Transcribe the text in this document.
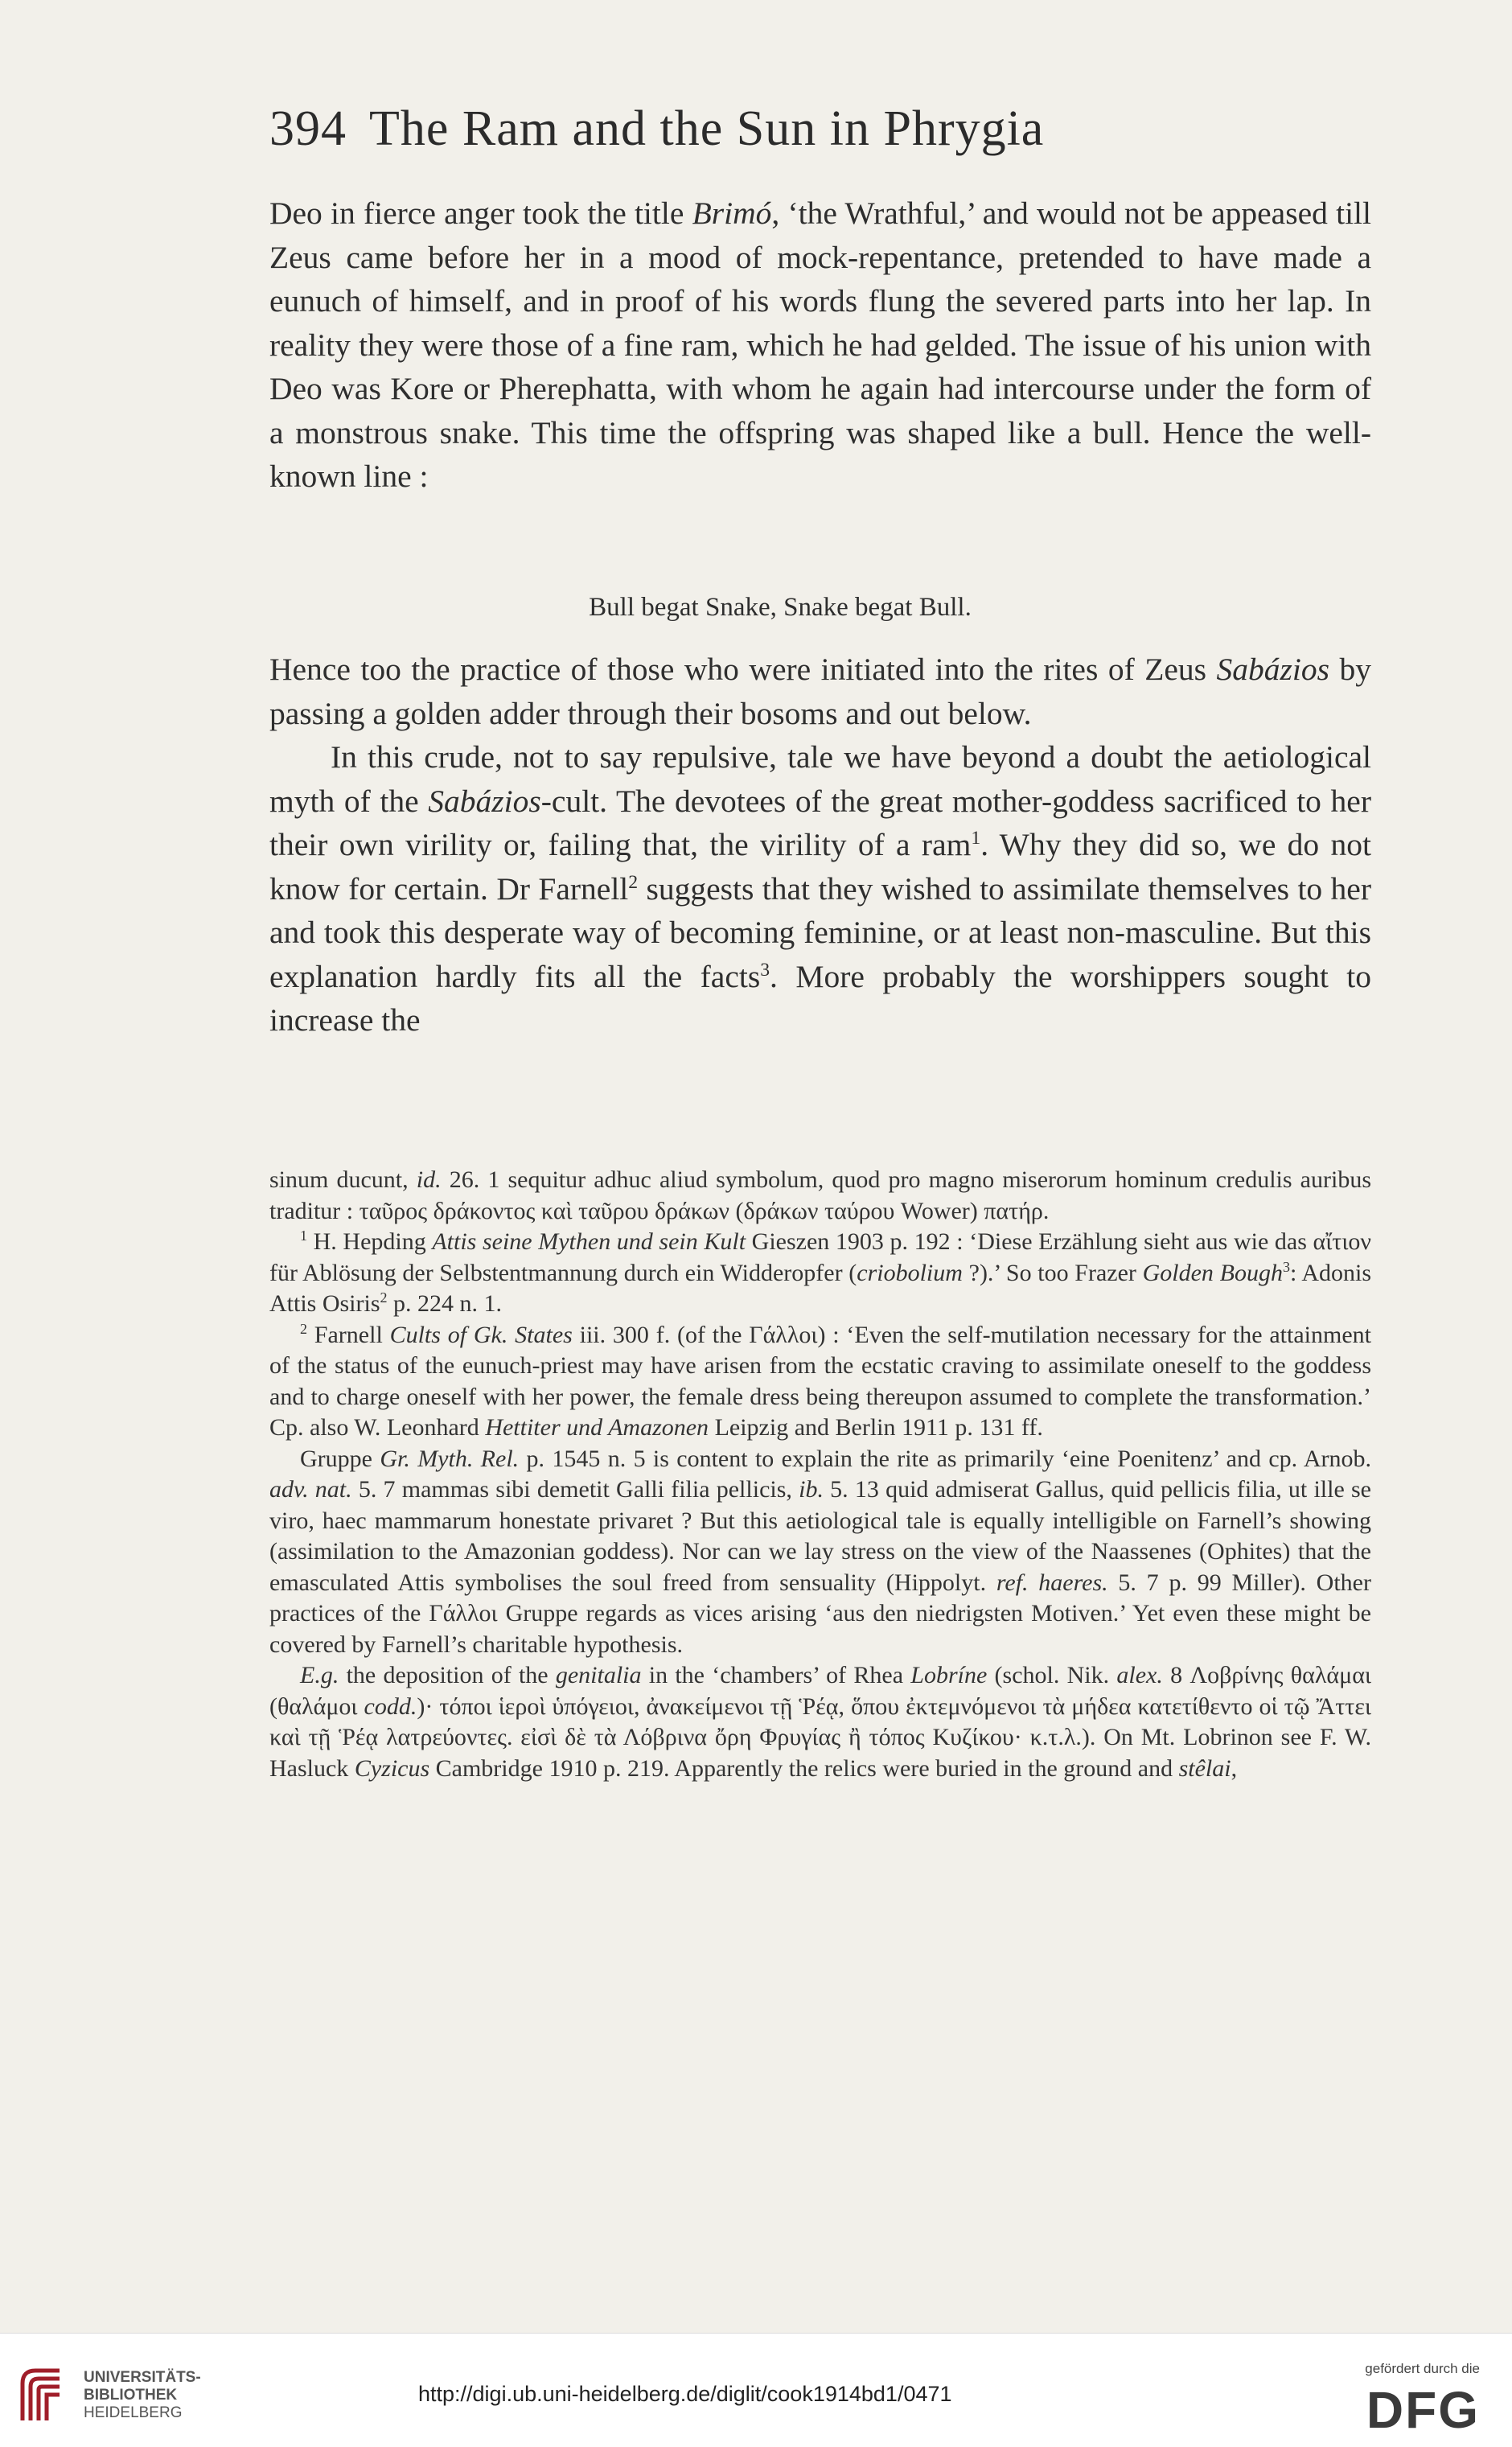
394 The Ram and the Sun in Phrygia

Deo in fierce anger took the title Brimó, ‘the Wrathful,’ and would not be appeased till Zeus came before her in a mood of mock-repentance, pretended to have made a eunuch of himself, and in proof of his words flung the severed parts into her lap. In reality they were those of a fine ram, which he had gelded. The issue of his union with Deo was Kore or Pherephatta, with whom he again had intercourse under the form of a monstrous snake. This time the offspring was shaped like a bull. Hence the well-known line :

Bull begat Snake, Snake begat Bull.

Hence too the practice of those who were initiated into the rites of Zeus Sabázios by passing a golden adder through their bosoms and out below.

In this crude, not to say repulsive, tale we have beyond a doubt the aetiological myth of the Sabázios-cult. The devotees of the great mother-goddess sacrificed to her their own virility or, failing that, the virility of a ram$^1$. Why they did so, we do not know for certain. Dr Farnell$^2$ suggests that they wished to assimilate themselves to her and took this desperate way of becoming feminine, or at least non-masculine. But this explanation hardly fits all the facts$^3$. More probably the worshippers sought to increase the

sinum ducunt, id. 26. 1 sequitur adhuc aliud symbolum, quod pro magno miserorum hominum credulis auribus traditur : ταῦρος δράκοντος καὶ ταῦρου δράκων (δράκων ταύρου Wower) πατήρ.

$^1$ H. Hepding Attis seine Mythen und sein Kult Gieszen 1903 p. 192 : ‘Diese Erzählung sieht aus wie das αἴτιον für Ablösung der Selbstentmannung durch ein Widderopfer (criobolium ?).’ So too Frazer Golden Bough$^3$: Adonis Attis Osiris$^2$ p. 224 n. 1.

$^2$ Farnell Cults of Gk. States iii. 300 f. (of the Γάλλοι) : ‘Even the self-mutilation necessary for the attainment of the status of the eunuch-priest may have arisen from the ecstatic craving to assimilate oneself to the goddess and to charge oneself with her power, the female dress being thereupon assumed to complete the transformation.’ Cp. also W. Leonhard Hettiter und Amazonen Leipzig and Berlin 1911 p. 131 ff.

Gruppe Gr. Myth. Rel. p. 1545 n. 5 is content to explain the rite as primarily ‘eine Poenitenz’ and cp. Arnob. adv. nat. 5. 7 mammas sibi demetit Galli filia pellicis, ib. 5. 13 quid admiserat Gallus, quid pellicis filia, ut ille se viro, haec mammarum honestate privaret ? But this aetiological tale is equally intelligible on Farnell’s showing (assimilation to the Amazonian goddess). Nor can we lay stress on the view of the Naassenes (Ophites) that the emasculated Attis symbolises the soul freed from sensuality (Hippolyt. ref. haeres. 5. 7 p. 99 Miller). Other practices of the Γάλλοι Gruppe regards as vices arising ‘aus den niedrigsten Motiven.’ Yet even these might be covered by Farnell’s charitable hypothesis.

E.g. the deposition of the genitalia in the ‘chambers’ of Rhea Lobríne (schol. Nik. alex. 8 Λοβρίνης θαλάμαι (θαλάμοι codd.)· τόποι ἱεροὶ ὑπόγειοι, ἀνακείμενοι τῇ Ῥέᾳ, ὅπου ἐκτεμνόμενοι τὰ μήδεα κατετίθεντο οἱ τῷ Ἄττει καὶ τῇ Ῥέᾳ λατρεύοντες. εἰσὶ δὲ τὰ Λόβρινα ὄρη Φρυγίας ἢ τόπος Κυζίκου· κ.τ.λ.). On Mt. Lobrinon see F. W. Hasluck Cyzicus Cambridge 1910 p. 219. Apparently the relics were buried in the ground and stêlai,

UNIVERSITÄTS-
BIBLIOTHEK
HEIDELBERG
http://digi.ub.uni-heidelberg.de/diglit/cook1914bd1/0471
gefördert durch die
DFG
